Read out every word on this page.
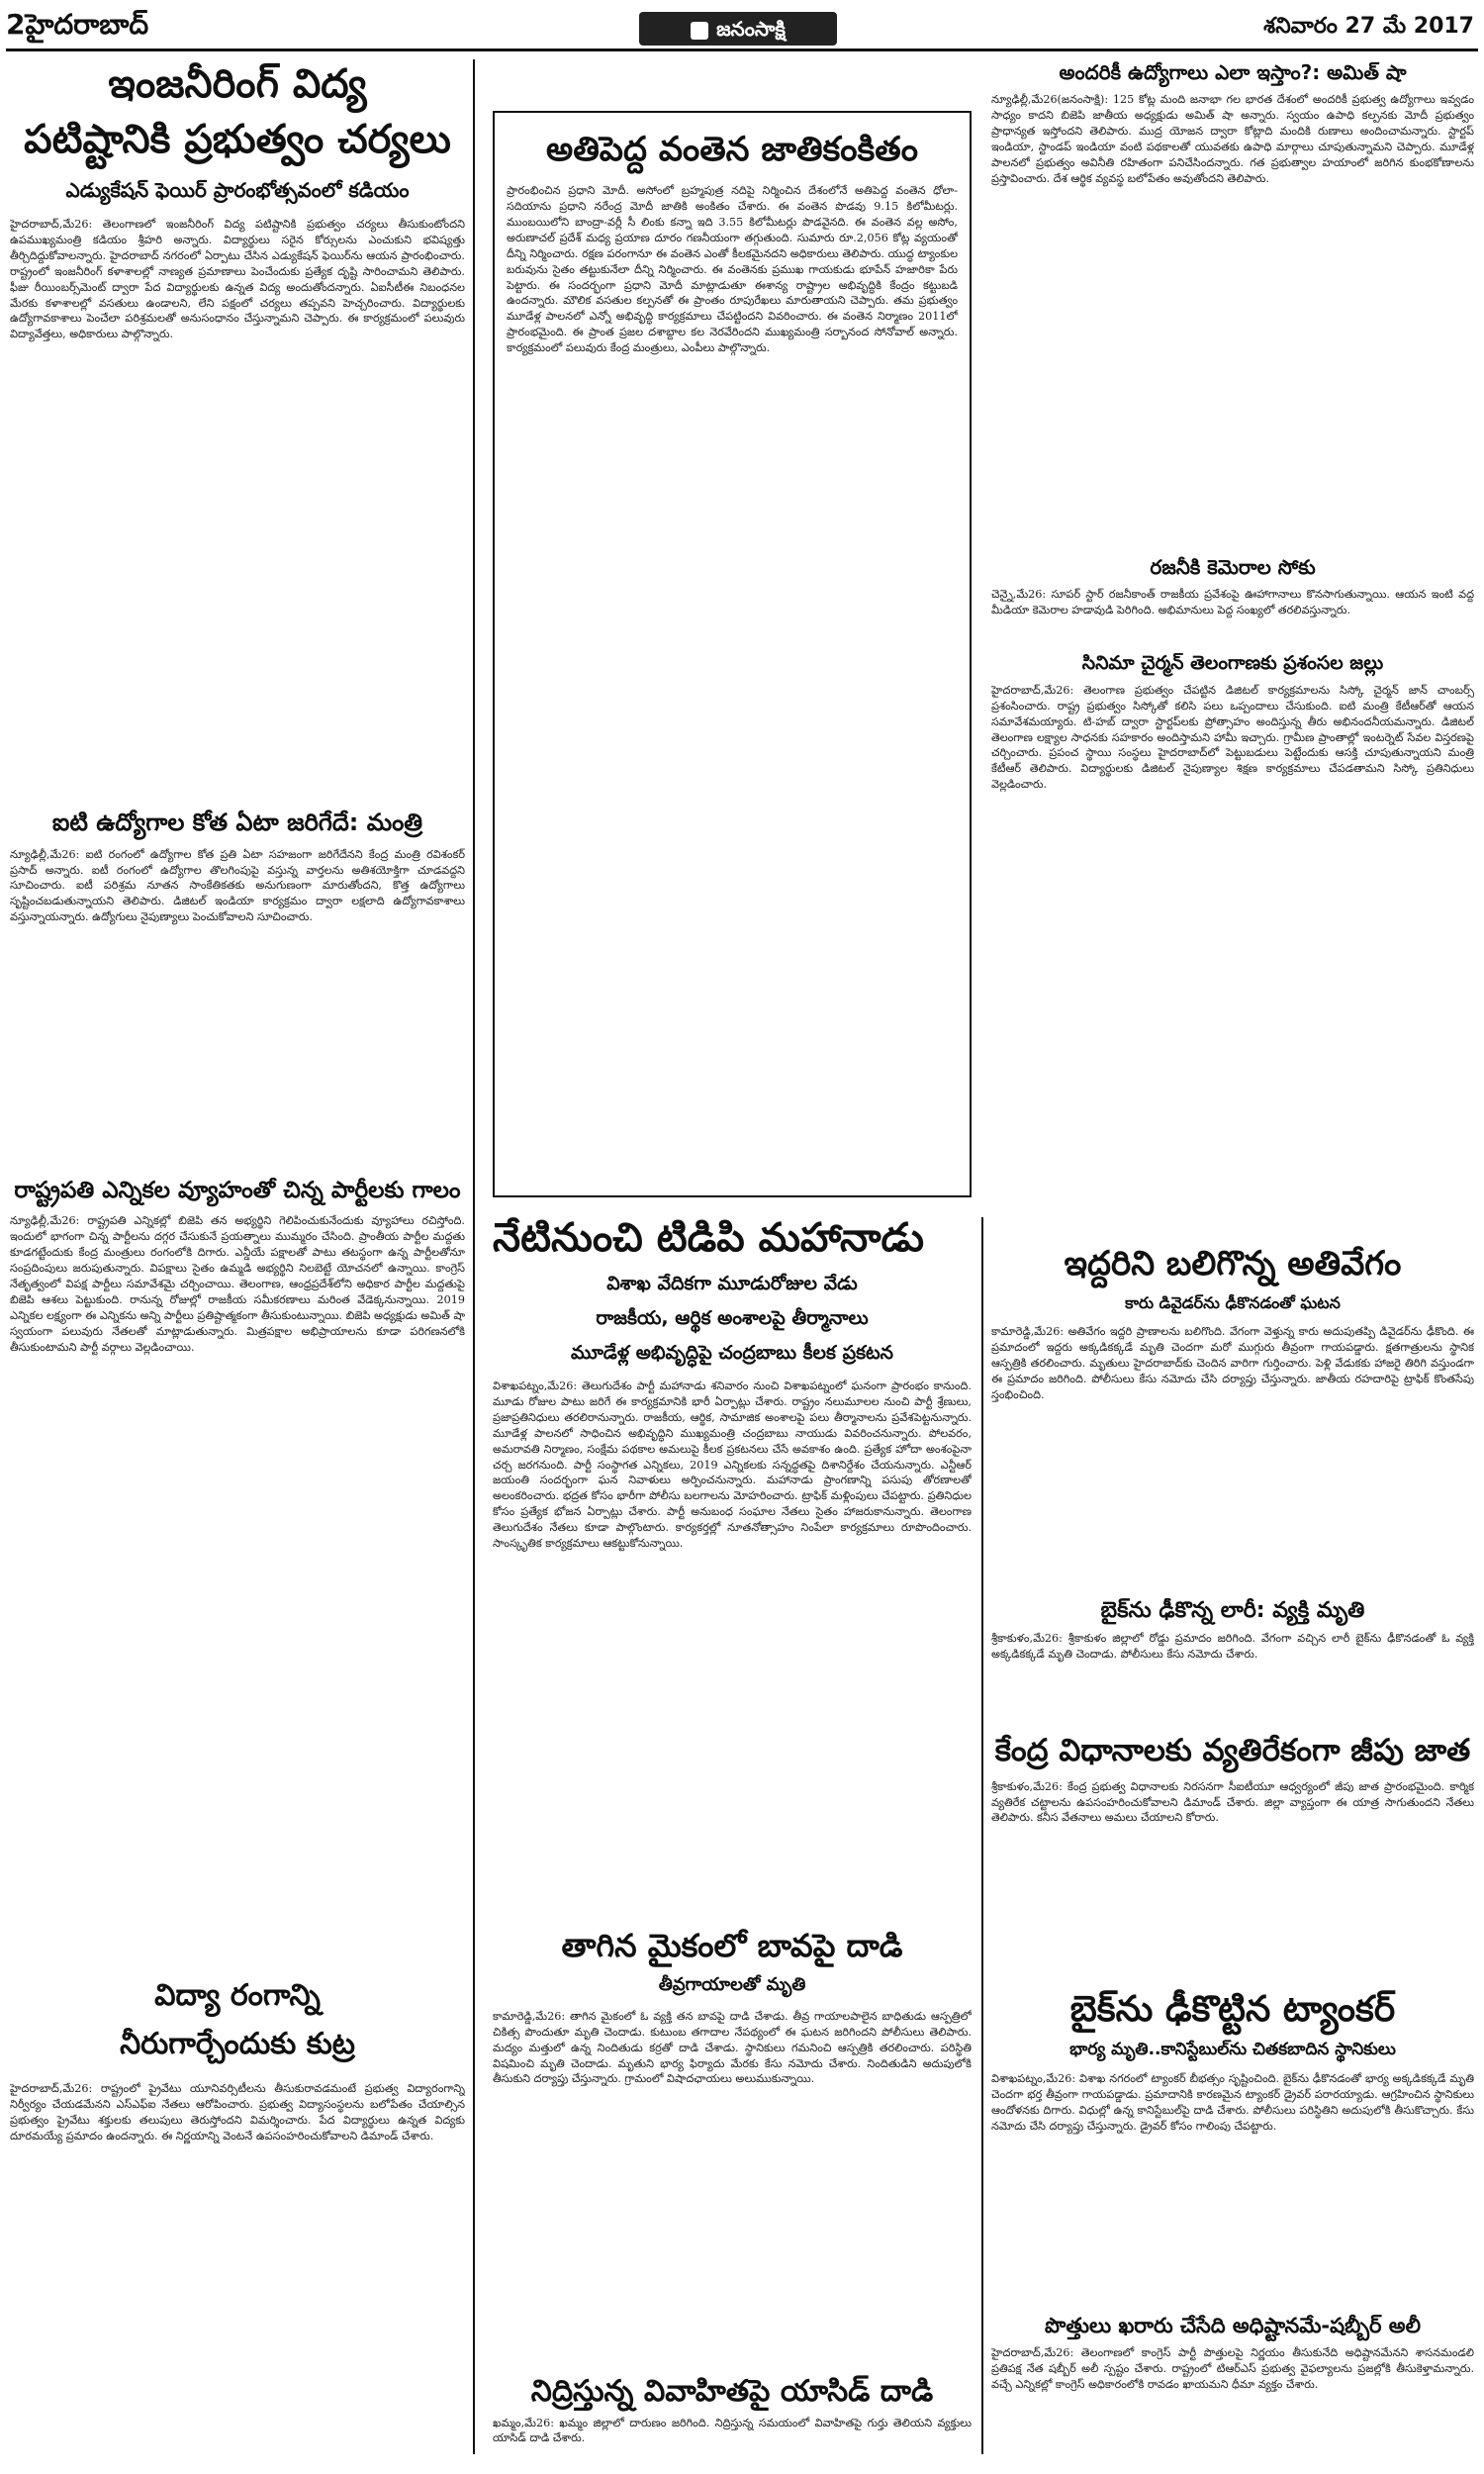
2హైదరాబాద్	జనంసాక్షి	శనివారం 27 మే 2017
ఇంజనీరింగ్ విద్య
పటిష్టానికి ప్రభుత్వం చర్యలు
ఎడ్యుకేషన్ ఫెయిర్ ప్రారంభోత్సవంలో కడియం
హైదరాబాద్,మే26: తెలంగాణలో ఇంజనీరింగ్ విద్య పటిష్టానికి ప్రభుత్వం చర్యలు తీసుకుంటోందని ఉపముఖ్యమంత్రి కడియం శ్రీహరి అన్నారు. విద్యార్థులు సరైన కోర్సులను ఎంచుకుని భవిష్యత్తు తీర్చిదిద్దుకోవాలన్నారు. హైదరాబాద్ నగరంలో ఏర్పాటు చేసిన ఎడ్యుకేషన్ ఫెయిర్‌ను ఆయన ప్రారంభించారు. రాష్ట్రంలో ఇంజనీరింగ్ కళాశాలల్లో నాణ్యత ప్రమాణాలు పెంచేందుకు ప్రత్యేక దృష్టి సారించామని తెలిపారు. ఫీజు రీయింబర్స్‌మెంట్ ద్వారా పేద విద్యార్థులకు ఉన్నత విద్య అందుతోందన్నారు. ఏఐసీటీఈ నిబంధనల మేరకు కళాశాలల్లో వసతులు ఉండాలని, లేని పక్షంలో చర్యలు తప్పవని హెచ్చరించారు. విద్యార్థులకు ఉద్యోగావకాశాలు పెంచేలా పరిశ్రమలతో అనుసంధానం చేస్తున్నామని చెప్పారు. ఈ కార్యక్రమంలో పలువురు విద్యావేత్తలు, అధికారులు పాల్గొన్నారు.
ఐటి ఉద్యోగాల కోత ఏటా జరిగేదే: మంత్రి
న్యూఢిల్లీ,మే26: ఐటి రంగంలో ఉద్యోగాల కోత ప్రతి ఏటా సహజంగా జరిగేదేనని కేంద్ర మంత్రి రవిశంకర్ ప్రసాద్ అన్నారు. ఐటీ రంగంలో ఉద్యోగాల తొలగింపుపై వస్తున్న వార్తలను అతిశయోక్తిగా చూడవద్దని సూచించారు. ఐటీ పరిశ్రమ నూతన సాంకేతికతకు అనుగుణంగా మారుతోందని, కొత్త ఉద్యోగాలు సృష్టించబడుతున్నాయని తెలిపారు. డిజిటల్ ఇండియా కార్యక్రమం ద్వారా లక్షలాది ఉద్యోగావకాశాలు వస్తున్నాయన్నారు. ఉద్యోగులు నైపుణ్యాలు పెంచుకోవాలని సూచించారు.
రాష్ట్రపతి ఎన్నికల వ్యూహంతో చిన్న పార్టీలకు గాలం
న్యూఢిల్లీ,మే26: రాష్ట్రపతి ఎన్నికల్లో బిజెపి తన అభ్యర్థిని గెలిపించుకునేందుకు వ్యూహాలు రచిస్తోంది. ఇందులో భాగంగా చిన్న పార్టీలను దగ్గర చేసుకునే ప్రయత్నాలు ముమ్మరం చేసింది. ప్రాంతీయ పార్టీల మద్దతు కూడగట్టేందుకు కేంద్ర మంత్రులు రంగంలోకి దిగారు. ఎన్డీయే పక్షాలతో పాటు తటస్థంగా ఉన్న పార్టీలతోనూ సంప్రదింపులు జరుపుతున్నారు. విపక్షాలు సైతం ఉమ్మడి అభ్యర్థిని నిలబెట్టే యోచనలో ఉన్నాయి. కాంగ్రెస్ నేతృత్వంలో విపక్ష పార్టీలు సమావేశమై చర్చించాయి. తెలంగాణ, ఆంధ్రప్రదేశ్‌లోని అధికార పార్టీల మద్దతుపై బిజెపి ఆశలు పెట్టుకుంది. రానున్న రోజుల్లో రాజకీయ సమీకరణాలు మరింత వేడెక్కనున్నాయి. 2019 ఎన్నికల లక్ష్యంగా ఈ ఎన్నికను అన్ని పార్టీలు ప్రతిష్టాత్మకంగా తీసుకుంటున్నాయి. బిజెపి అధ్యక్షుడు అమిత్ షా స్వయంగా పలువురు నేతలతో మాట్లాడుతున్నారు. మిత్రపక్షాల అభిప్రాయాలను కూడా పరిగణనలోకి తీసుకుంటామని పార్టీ వర్గాలు వెల్లడించాయి.
విద్యా రంగాన్ని
నీరుగార్చేందుకు కుట్ర
హైదరాబాద్,మే26: రాష్ట్రంలో ప్రైవేటు యూనివర్సిటీలను తీసుకురావడమంటే ప్రభుత్వ విద్యారంగాన్ని నిర్వీర్యం చేయడమేనని ఎస్ఎఫ్ఐ నేతలు ఆరోపించారు. ప్రభుత్వ విద్యాసంస్థలను బలోపేతం చేయాల్సిన ప్రభుత్వం ప్రైవేటు శక్తులకు తలుపులు తెరుస్తోందని విమర్శించారు. పేద విద్యార్థులు ఉన్నత విద్యకు దూరమయ్యే ప్రమాదం ఉందన్నారు. ఈ నిర్ణయాన్ని వెంటనే ఉపసంహరించుకోవాలని డిమాండ్ చేశారు.
అతిపెద్ద వంతెన జాతికంకితం
ప్రారంభించిన ప్రధాని మోదీ. అసోంలో బ్రహ్మపుత్ర నదిపై నిర్మించిన దేశంలోనే అతిపెద్ద వంతెన ధోలా-సదియాను ప్రధాని నరేంద్ర మోదీ జాతికి అంకితం చేశారు. ఈ వంతెన పొడవు 9.15 కిలోమీటర్లు. ముంబయిలోని బాంద్రా-వర్లీ సీ లింకు కన్నా ఇది 3.55 కిలోమీటర్లు పొడవైనది. ఈ వంతెన వల్ల అసోం, అరుణాచల్ ప్రదేశ్ మధ్య ప్రయాణ దూరం గణనీయంగా తగ్గుతుంది. సుమారు రూ.2,056 కోట్ల వ్యయంతో దీన్ని నిర్మించారు. రక్షణ పరంగానూ ఈ వంతెన ఎంతో కీలకమైనదని అధికారులు తెలిపారు. యుద్ధ ట్యాంకుల బరువును సైతం తట్టుకునేలా దీన్ని నిర్మించారు. ఈ వంతెనకు ప్రముఖ గాయకుడు భూపేన్ హజారికా పేరు పెట్టారు. ఈ సందర్భంగా ప్రధాని మోదీ మాట్లాడుతూ ఈశాన్య రాష్ట్రాల అభివృద్ధికి కేంద్రం కట్టుబడి ఉందన్నారు. మౌలిక వసతుల కల్పనతో ఈ ప్రాంతం రూపురేఖలు మారుతాయని చెప్పారు. తమ ప్రభుత్వం మూడేళ్ల పాలనలో ఎన్నో అభివృద్ధి కార్యక్రమాలు చేపట్టిందని వివరించారు. ఈ వంతెన నిర్మాణం 2011లో ప్రారంభమైంది. ఈ ప్రాంత ప్రజల దశాబ్దాల కల నెరవేరిందని ముఖ్యమంత్రి సర్బానంద సోనోవాల్ అన్నారు. కార్యక్రమంలో పలువురు కేంద్ర మంత్రులు, ఎంపీలు పాల్గొన్నారు.
అందరికీ ఉద్యోగాలు ఎలా ఇస్తాం?: అమిత్ షా
న్యూఢిల్లీ,మే26(జనంసాక్షి): 125 కోట్ల మంది జనాభా గల భారత దేశంలో అందరికీ ప్రభుత్వ ఉద్యోగాలు ఇవ్వడం సాధ్యం కాదని బిజెపి జాతీయ అధ్యక్షుడు అమిత్ షా అన్నారు. స్వయం ఉపాధి కల్పనకు మోదీ ప్రభుత్వం ప్రాధాన్యత ఇస్తోందని తెలిపారు. ముద్ర యోజన ద్వారా కోట్లాది మందికి రుణాలు అందించామన్నారు. స్టార్టప్ ఇండియా, స్టాండప్ ఇండియా వంటి పథకాలతో యువతకు ఉపాధి మార్గాలు చూపుతున్నామని చెప్పారు. మూడేళ్ల పాలనలో ప్రభుత్వం అవినీతి రహితంగా పనిచేసిందన్నారు. గత ప్రభుత్వాల హయాంలో జరిగిన కుంభకోణాలను ప్రస్తావించారు. దేశ ఆర్థిక వ్యవస్థ బలోపేతం అవుతోందని తెలిపారు.
రజనీకి కెమెరాల సోకు
చెన్నై,మే26: సూపర్ స్టార్ రజనీకాంత్ రాజకీయ ప్రవేశంపై ఊహాగానాలు కొనసాగుతున్నాయి. ఆయన ఇంటి వద్ద మీడియా కెమెరాల హడావుడి పెరిగింది. అభిమానులు పెద్ద సంఖ్యలో తరలివస్తున్నారు.
సినిమా చైర్మన్ తెలంగాణకు ప్రశంసల జల్లు
హైదరాబాద్,మే26: తెలంగాణ ప్రభుత్వం చేపట్టిన డిజిటల్ కార్యక్రమాలను సిస్కో చైర్మన్ జాన్ చాంబర్స్ ప్రశంసించారు. రాష్ట్ర ప్రభుత్వం సిస్కోతో కలిసి పలు ఒప్పందాలు చేసుకుంది. ఐటి మంత్రి కేటీఆర్‌తో ఆయన సమావేశమయ్యారు. టి-హబ్ ద్వారా స్టార్టప్‌లకు ప్రోత్సాహం అందిస్తున్న తీరు అభినందనీయమన్నారు. డిజిటల్ తెలంగాణ లక్ష్యాల సాధనకు సహకారం అందిస్తామని హామీ ఇచ్చారు. గ్రామీణ ప్రాంతాల్లో ఇంటర్నెట్ సేవల విస్తరణపై చర్చించారు. ప్రపంచ స్థాయి సంస్థలు హైదరాబాద్‌లో పెట్టుబడులు పెట్టేందుకు ఆసక్తి చూపుతున్నాయని మంత్రి కేటీఆర్ తెలిపారు. విద్యార్థులకు డిజిటల్ నైపుణ్యాల శిక్షణ కార్యక్రమాలు చేపడతామని సిస్కో ప్రతినిధులు వెల్లడించారు.
నేటినుంచి టిడిపి మహానాడు
విశాఖ వేదికగా మూడురోజుల వేడు
రాజకీయ, ఆర్థిక అంశాలపై తీర్మానాలు
మూడేళ్ల అభివృద్ధిపై చంద్రబాబు కీలక ప్రకటన
విశాఖపట్నం,మే26: తెలుగుదేశం పార్టీ మహానాడు శనివారం నుంచి విశాఖపట్నంలో ఘనంగా ప్రారంభం కానుంది. మూడు రోజుల పాటు జరిగే ఈ కార్యక్రమానికి భారీ ఏర్పాట్లు చేశారు. రాష్ట్రం నలుమూలల నుంచి పార్టీ శ్రేణులు, ప్రజాప్రతినిధులు తరలిరానున్నారు. రాజకీయ, ఆర్థిక, సామాజిక అంశాలపై పలు తీర్మానాలను ప్రవేశపెట్టనున్నారు. మూడేళ్ల పాలనలో సాధించిన అభివృద్ధిని ముఖ్యమంత్రి చంద్రబాబు నాయుడు వివరించనున్నారు. పోలవరం, అమరావతి నిర్మాణం, సంక్షేమ పథకాల అమలుపై కీలక ప్రకటనలు చేసే అవకాశం ఉంది. ప్రత్యేక హోదా అంశంపైనా చర్చ జరగనుంది. పార్టీ సంస్థాగత ఎన్నికలు, 2019 ఎన్నికలకు సన్నద్ధతపై దిశానిర్దేశం చేయనున్నారు. ఎన్టీఆర్ జయంతి సందర్భంగా ఘన నివాళులు అర్పించనున్నారు. మహానాడు ప్రాంగణాన్ని పసుపు తోరణాలతో అలంకరించారు. భద్రత కోసం భారీగా పోలీసు బలగాలను మోహరించారు. ట్రాఫిక్ మళ్లింపులు చేపట్టారు. ప్రతినిధుల కోసం ప్రత్యేక భోజన ఏర్పాట్లు చేశారు. పార్టీ అనుబంధ సంఘాల నేతలు సైతం హాజరుకానున్నారు. తెలంగాణ తెలుగుదేశం నేతలు కూడా పాల్గొంటారు. కార్యకర్తల్లో నూతనోత్సాహం నింపేలా కార్యక్రమాలు రూపొందించారు. సాంస్కృతిక కార్యక్రమాలు ఆకట్టుకోనున్నాయి.
తాగిన మైకంలో బావపై దాడి
తీవ్రగాయాలతో మృతి
కామారెడ్డి,మే26: తాగిన మైకంలో ఓ వ్యక్తి తన బావపై దాడి చేశాడు. తీవ్ర గాయాలపాలైన బాధితుడు ఆస్పత్రిలో చికిత్స పొందుతూ మృతి చెందాడు. కుటుంబ తగాదాల నేపథ్యంలో ఈ ఘటన జరిగిందని పోలీసులు తెలిపారు. మద్యం మత్తులో ఉన్న నిందితుడు కర్రతో దాడి చేశాడు. స్థానికులు గమనించి ఆస్పత్రికి తరలించారు. పరిస్థితి విషమించి మృతి చెందాడు. మృతుని భార్య ఫిర్యాదు మేరకు కేసు నమోదు చేశారు. నిందితుడిని అదుపులోకి తీసుకుని దర్యాప్తు చేస్తున్నారు. గ్రామంలో విషాదఛాయలు అలుముకున్నాయి.
నిద్రిస్తున్న వివాహితపై యాసిడ్ దాడి
ఖమ్మం,మే26: ఖమ్మం జిల్లాలో దారుణం జరిగింది. నిద్రిస్తున్న సమయంలో వివాహితపై గుర్తు తెలియని వ్యక్తులు యాసిడ్ దాడి చేశారు.
ఇద్దరిని బలిగొన్న అతివేగం
కారు డివైడర్‌ను ఢీకొనడంతో ఘటన
కామారెడ్డి,మే26: అతివేగం ఇద్దరి ప్రాణాలను బలిగొంది. వేగంగా వెళ్తున్న కారు అదుపుతప్పి డివైడర్‌ను ఢీకొంది. ఈ ప్రమాదంలో ఇద్దరు అక్కడికక్కడే మృతి చెందగా మరో ముగ్గురు తీవ్రంగా గాయపడ్డారు. క్షతగాత్రులను స్థానిక ఆస్పత్రికి తరలించారు. మృతులు హైదరాబాద్‌కు చెందిన వారిగా గుర్తించారు. పెళ్లి వేడుకకు హాజరై తిరిగి వస్తుండగా ఈ ప్రమాదం జరిగింది. పోలీసులు కేసు నమోదు చేసి దర్యాప్తు చేస్తున్నారు. జాతీయ రహదారిపై ట్రాఫిక్ కొంతసేపు స్తంభించింది.
బైక్‌ను ఢీకొన్న లారీ: వ్యక్తి మృతి
శ్రీకాకుళం,మే26: శ్రీకాకుళం జిల్లాలో రోడ్డు ప్రమాదం జరిగింది. వేగంగా వచ్చిన లారీ బైక్‌ను ఢీకొనడంతో ఓ వ్యక్తి అక్కడికక్కడే మృతి చెందాడు. పోలీసులు కేసు నమోదు చేశారు.
కేంద్ర విధానాలకు వ్యతిరేకంగా జీపు జాత
శ్రీకాకుళం,మే26: కేంద్ర ప్రభుత్వ విధానాలకు నిరసనగా సీఐటీయూ ఆధ్వర్యంలో జీపు జాత ప్రారంభమైంది. కార్మిక వ్యతిరేక చట్టాలను ఉపసంహరించుకోవాలని డిమాండ్ చేశారు. జిల్లా వ్యాప్తంగా ఈ యాత్ర సాగుతుందని నేతలు తెలిపారు. కనీస వేతనాలు అమలు చేయాలని కోరారు.
బైక్‌ను ఢీకొట్టిన ట్యాంకర్
భార్య మృతి..కానిస్టేబుల్‌ను చితకబాదిన స్థానికులు
విశాఖపట్నం,మే26: విశాఖ నగరంలో ట్యాంకర్ బీభత్సం సృష్టించింది. బైక్‌ను ఢీకొనడంతో భార్య అక్కడికక్కడే మృతి చెందగా భర్త తీవ్రంగా గాయపడ్డాడు. ప్రమాదానికి కారణమైన ట్యాంకర్ డ్రైవర్ పరారయ్యాడు. ఆగ్రహించిన స్థానికులు ఆందోళనకు దిగారు. విధుల్లో ఉన్న కానిస్టేబుల్‌పై దాడి చేశారు. పోలీసులు పరిస్థితిని అదుపులోకి తీసుకొచ్చారు. కేసు నమోదు చేసి దర్యాప్తు చేస్తున్నారు. డ్రైవర్ కోసం గాలింపు చేపట్టారు.
పొత్తులు ఖరారు చేసేది అధిష్టానమే-షబ్బీర్ అలీ
హైదరాబాద్,మే26: తెలంగాణలో కాంగ్రెస్ పార్టీ పొత్తులపై నిర్ణయం తీసుకునేది అధిష్టానమేనని శాసనమండలి ప్రతిపక్ష నేత షబ్బీర్ అలీ స్పష్టం చేశారు. రాష్ట్రంలో టిఆర్ఎస్ ప్రభుత్వ వైఫల్యాలను ప్రజల్లోకి తీసుకెళ్తామన్నారు. వచ్చే ఎన్నికల్లో కాంగ్రెస్ అధికారంలోకి రావడం ఖాయమని ధీమా వ్యక్తం చేశారు.
